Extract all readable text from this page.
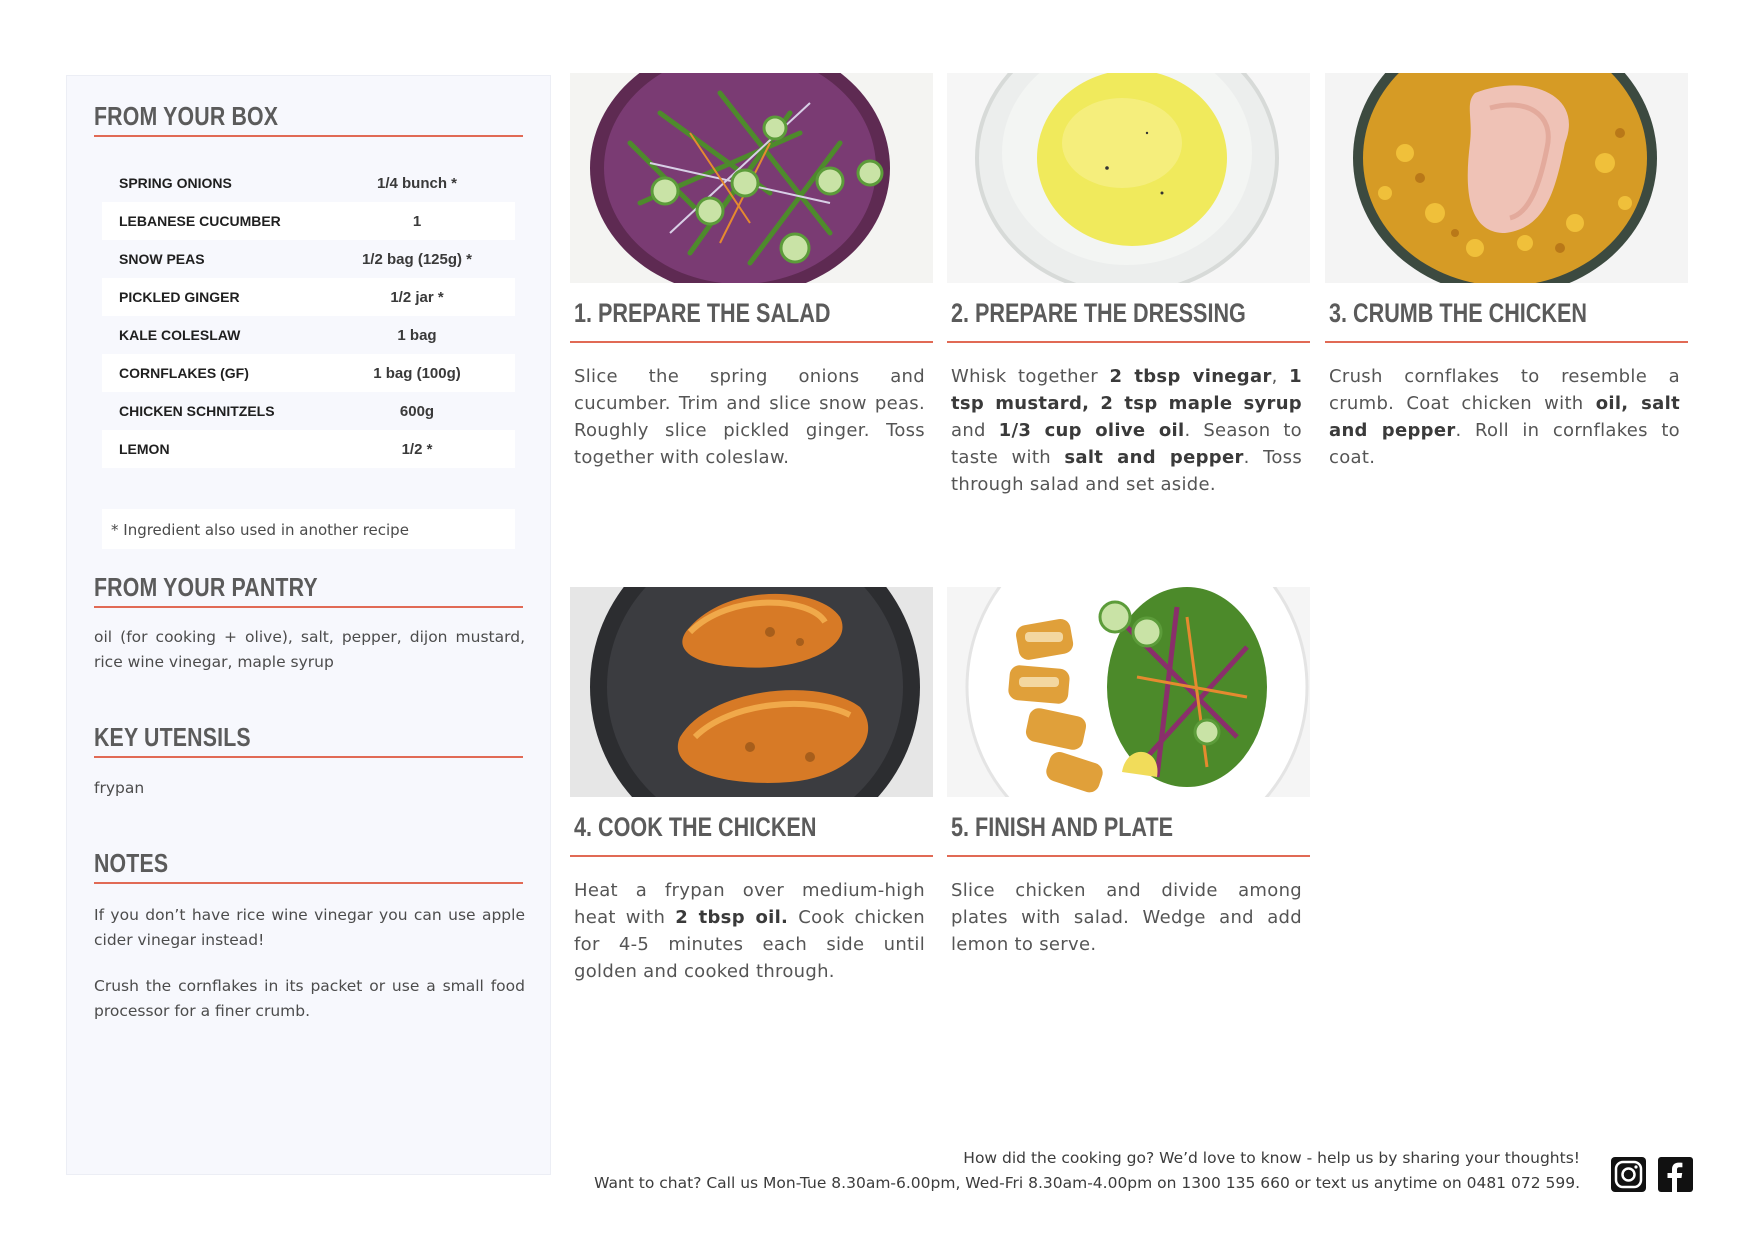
FROM YOUR BOX
SPRING ONIONS	1/4 bunch *
LEBANESE CUCUMBER	1
SNOW PEAS	1/2 bag (125g) *
PICKLED GINGER	1/2 jar *
KALE COLESLAW	1 bag
CORNFLAKES (GF)	1 bag (100g)
CHICKEN SCHNITZELS	600g
LEMON	1/2 *
* Ingredient also used in another recipe
FROM YOUR PANTRY
oil (for cooking + olive), salt, pepper, dijon mustard, rice wine vinegar, maple syrup
KEY UTENSILS
frypan
NOTES
If you don’t have rice wine vinegar you can use apple cider vinegar instead!
Crush the cornflakes in its packet or use a small food processor for a finer crumb.
1. PREPARE THE SALAD
Slice the spring onions and cucumber. Trim and slice snow peas. Roughly slice pickled ginger. Toss together with coleslaw.
2. PREPARE THE DRESSING
Whisk together 2 tbsp vinegar, 1 tsp mustard, 2 tsp maple syrup and 1/3 cup olive oil. Season to taste with salt and pepper. Toss through salad and set aside.
3. CRUMB THE CHICKEN
Crush cornflakes to resemble a crumb. Coat chicken with oil, salt and pepper. Roll in cornflakes to coat.
4. COOK THE CHICKEN
Heat a frypan over medium-high heat with 2 tbsp oil. Cook chicken for 4-5 minutes each side until golden and cooked through.
5. FINISH AND PLATE
Slice chicken and divide among plates with salad. Wedge and add lemon to serve.
How did the cooking go? We’d love to know - help us by sharing your thoughts!
Want to chat? Call us Mon-Tue 8.30am-6.00pm, Wed-Fri 8.30am-4.00pm on 1300 135 660 or text us anytime on 0481 072 599.
